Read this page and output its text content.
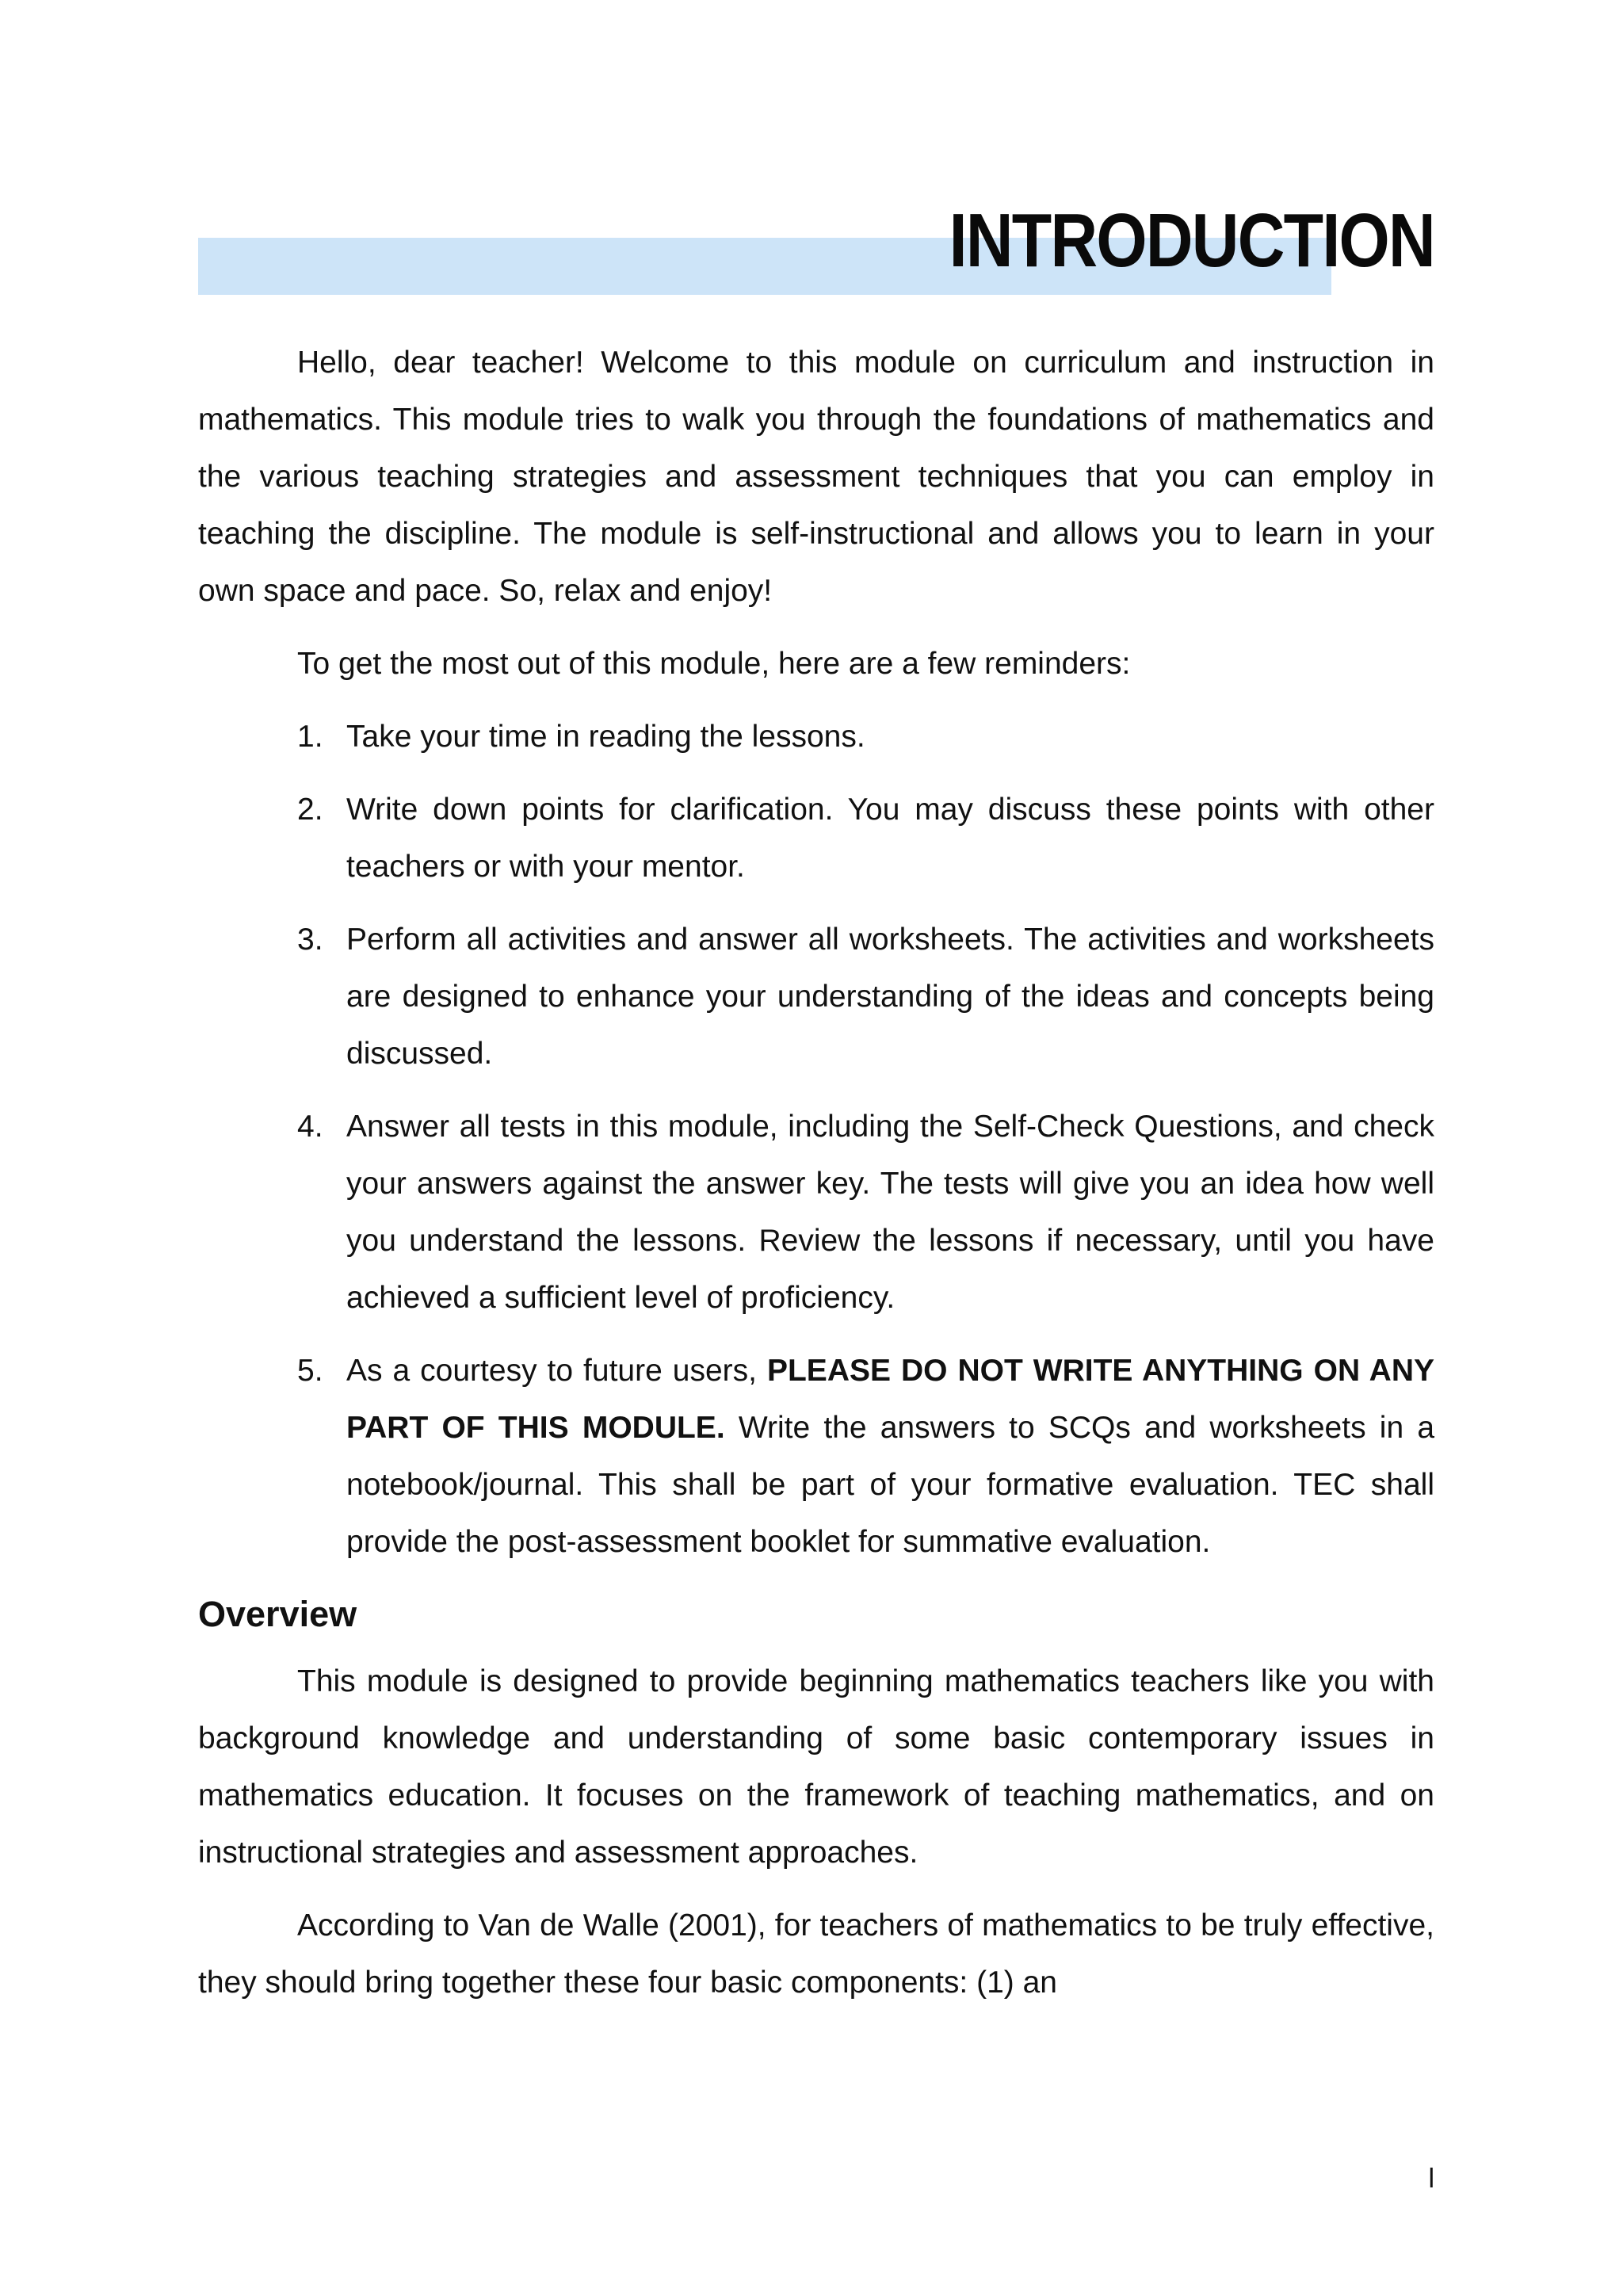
INTRODUCTION

Hello, dear teacher! Welcome to this module on curriculum and instruction in mathematics. This module tries to walk you through the foundations of mathematics and the various teaching strategies and assessment techniques that you can employ in teaching the discipline. The module is self-instructional and allows you to learn in your own space and pace. So, relax and enjoy!

To get the most out of this module, here are a few reminders:

1. Take your time in reading the lessons.
2. Write down points for clarification. You may discuss these points with other teachers or with your mentor.
3. Perform all activities and answer all worksheets. The activities and worksheets are designed to enhance your understanding of the ideas and concepts being discussed.
4. Answer all tests in this module, including the Self-Check Questions, and check your answers against the answer key. The tests will give you an idea how well you understand the lessons. Review the lessons if necessary, until you have achieved a sufficient level of proficiency.
5. As a courtesy to future users, PLEASE DO NOT WRITE ANYTHING ON ANY PART OF THIS MODULE. Write the answers to SCQs and worksheets in a notebook/journal. This shall be part of your formative evaluation. TEC shall provide the post-assessment booklet for summative evaluation.
Overview

This module is designed to provide beginning mathematics teachers like you with background knowledge and understanding of some basic contemporary issues in mathematics education. It focuses on the framework of teaching mathematics, and on instructional strategies and assessment approaches.

According to Van de Walle (2001), for teachers of mathematics to be truly effective, they should bring together these four basic components: (1) an

l
